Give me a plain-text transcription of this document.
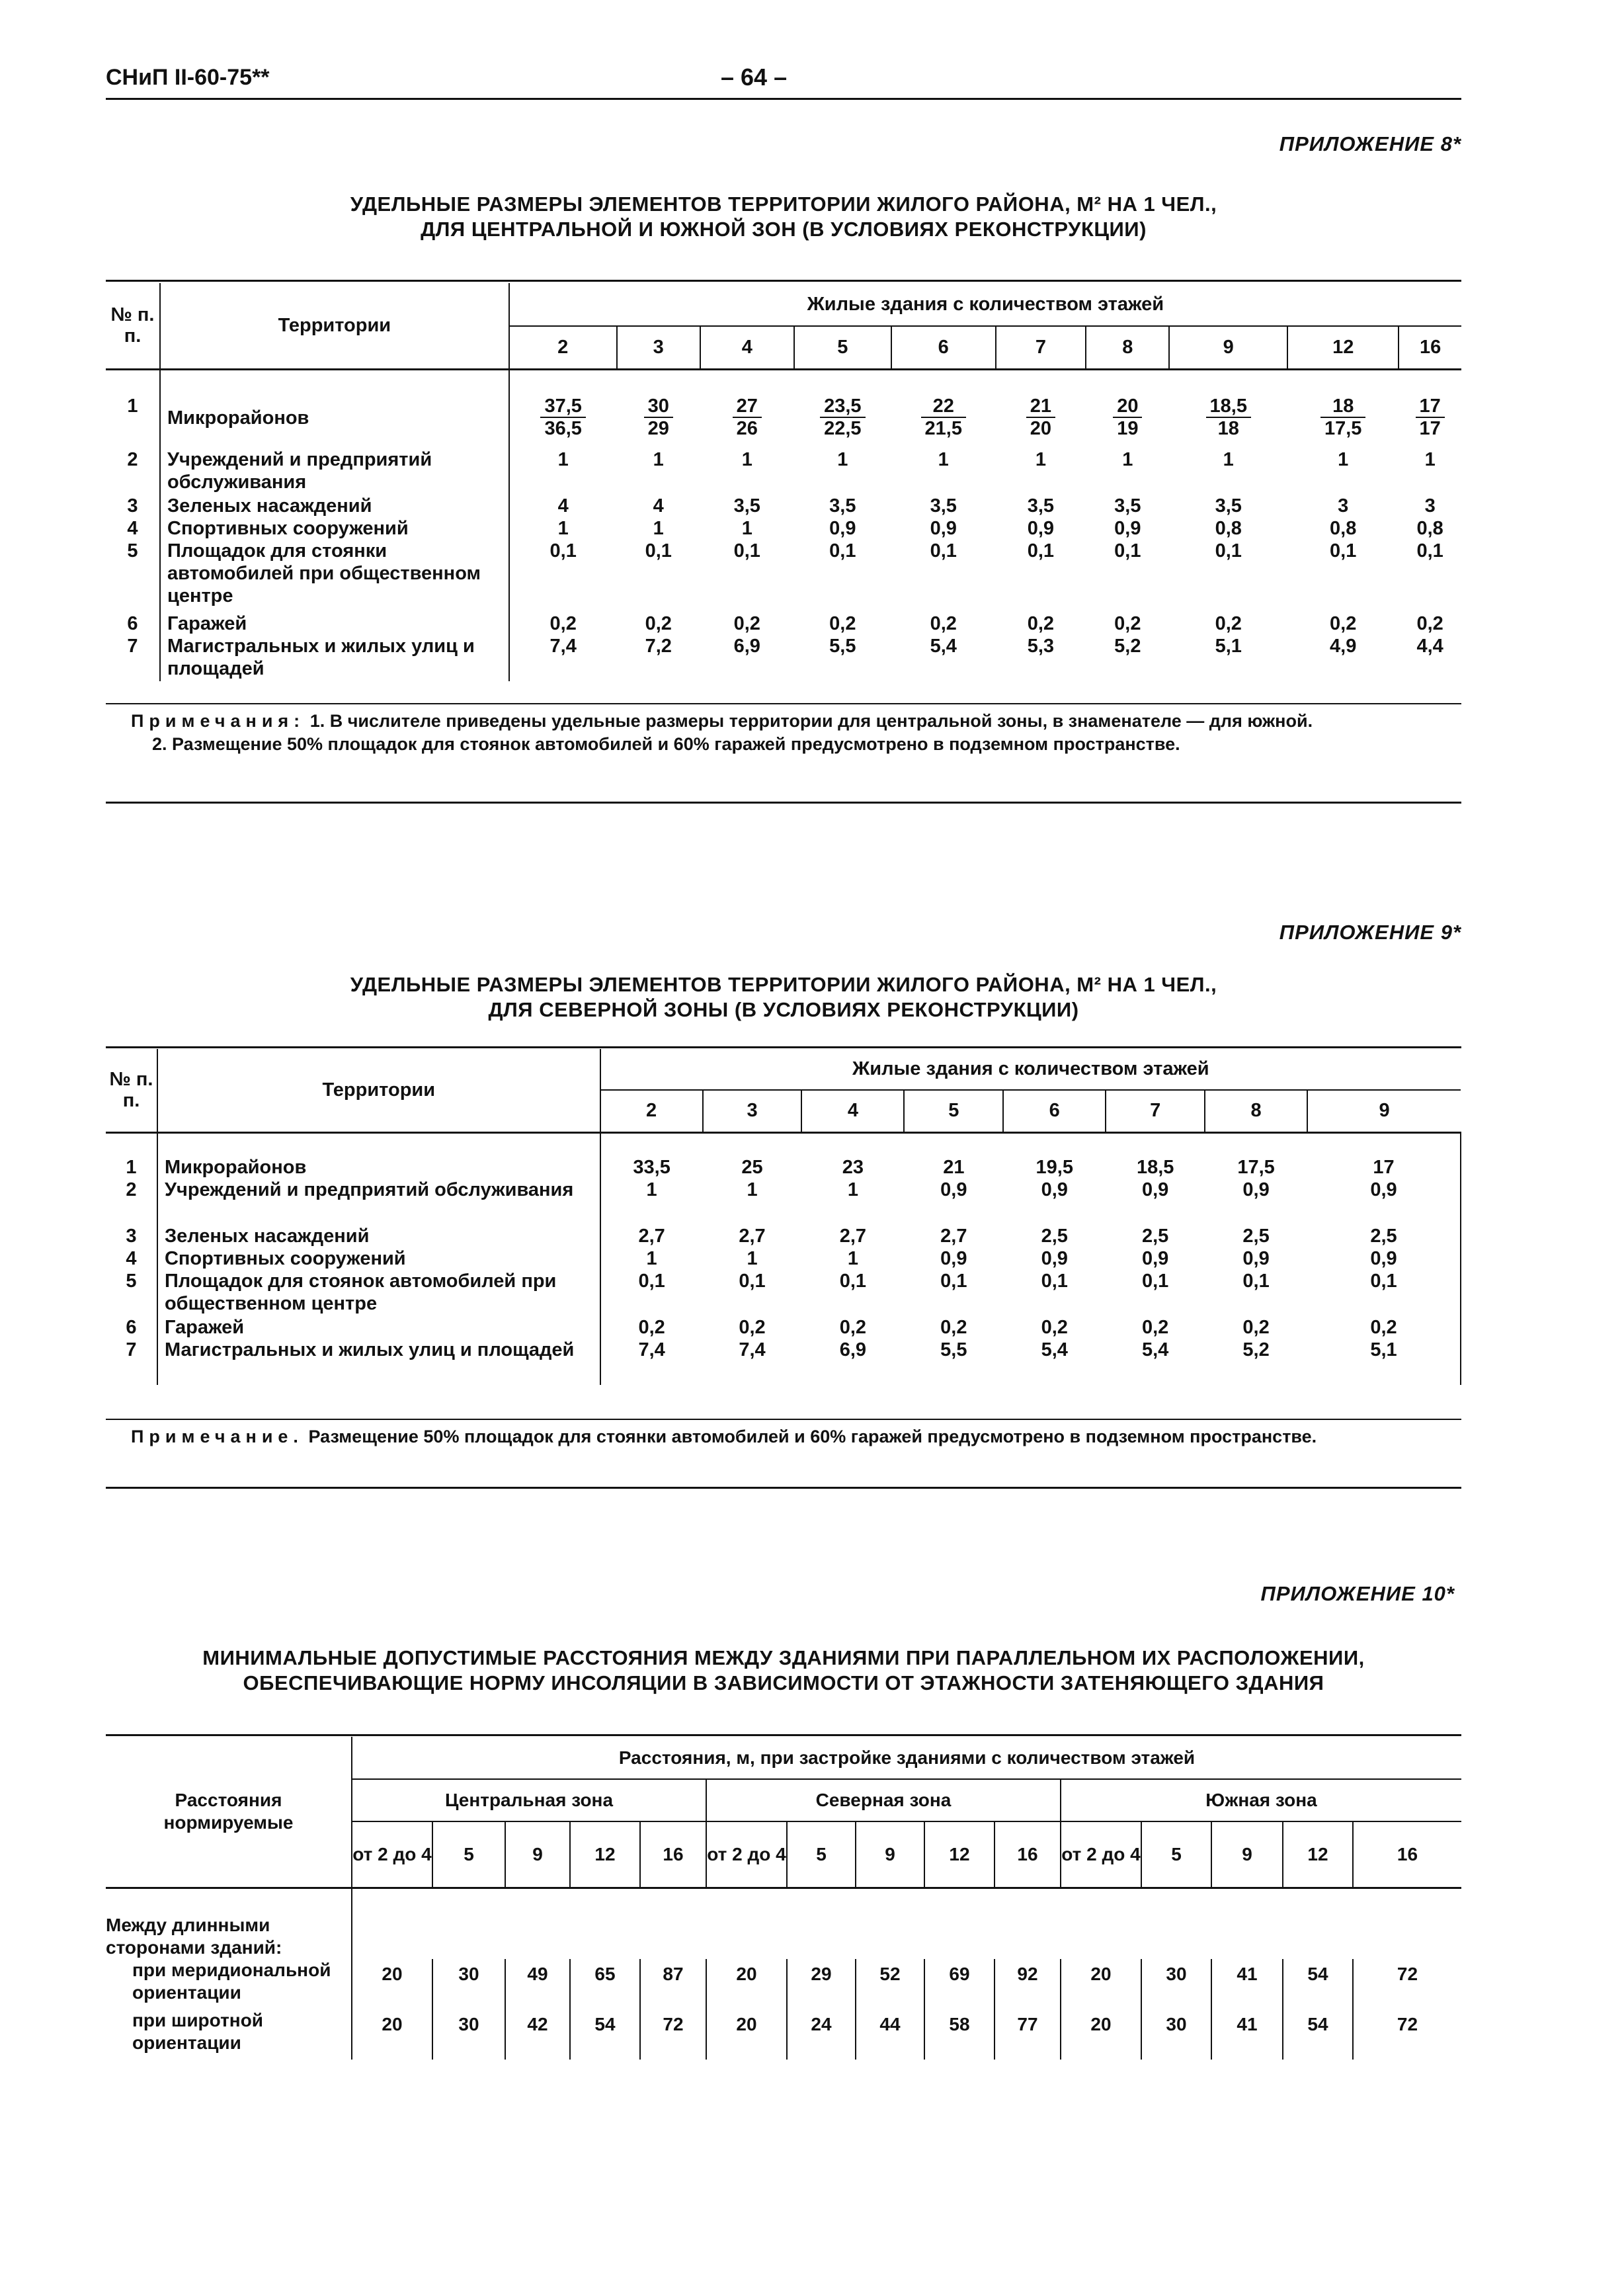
СНиП II-60-75**	– 64 –
ПРИЛОЖЕНИЕ 8*
УДЕЛЬНЫЕ РАЗМЕРЫ ЭЛЕМЕНТОВ ТЕРРИТОРИИ ЖИЛОГО РАЙОНА, М² НА 1 ЧЕЛ.,
ДЛЯ ЦЕНТРАЛЬНОЙ И ЮЖНОЙ ЗОН (В УСЛОВИЯХ РЕКОНСТРУКЦИИ)
№ п. п.	Территории	Жилые здания с количеством этажей									
		2	3	4	5	6	7	8	9	12	16

1	Микрорайонов	$\frac{37,5}{36,5}$	$\frac{30}{29}$	$\frac{27}{26}$	$\frac{23,5}{22,5}$	$\frac{22}{21,5}$	$\frac{21}{20}$	$\frac{20}{19}$	$\frac{18,5}{18}$	$\frac{18}{17,5}$	$\frac{17}{17}$

2	Учреждений и предприятий обслуживания	1	1	1	1	1	1	1	1	1	1
3	Зеленых насаждений	4	4	3,5	3,5	3,5	3,5	3,5	3,5	3	3
4	Спортивных сооружений	1	1	1	0,9	0,9	0,9	0,9	0,8	0,8	0,8
5	Площадок для стоянки автомобилей при общественном центре	0,1	0,1	0,1	0,1	0,1	0,1	0,1	0,1	0,1	0,1
6	Гаражей	0,2	0,2	0,2	0,2	0,2	0,2	0,2	0,2	0,2	0,2
7	Магистральных и жилых улиц и площадей	7,4	7,2	6,9	5,5	5,4	5,3	5,2	5,1	4,9	4,4
Примечания: 1. В числителе приведены удельные размеры территории для центральной зоны, в знаменателе — для южной.
2. Размещение 50% площадок для стоянок автомобилей и 60% гаражей предусмотрено в подземном пространстве.
ПРИЛОЖЕНИЕ 9*
УДЕЛЬНЫЕ РАЗМЕРЫ ЭЛЕМЕНТОВ ТЕРРИТОРИИ ЖИЛОГО РАЙОНА, М² НА 1 ЧЕЛ.,
ДЛЯ СЕВЕРНОЙ ЗОНЫ (В УСЛОВИЯХ РЕКОНСТРУКЦИИ)
№ п. п.	Территории	Жилые здания с количеством этажей							
		2	3	4	5	6	7	8	9

1	Микрорайонов	33,5	25	23	21	19,5	18,5	17,5	17
2	Учреждений и предприятий обслуживания	1	1	1	0,9	0,9	0,9	0,9	0,9
3	Зеленых насаждений	2,7	2,7	2,7	2,7	2,5	2,5	2,5	2,5
4	Спортивных сооружений	1	1	1	0,9	0,9	0,9	0,9	0,9
5	Площадок для стоянок автомобилей при общественном центре	0,1	0,1	0,1	0,1	0,1	0,1	0,1	0,1
6	Гаражей	0,2	0,2	0,2	0,2	0,2	0,2	0,2	0,2
7	Магистральных и жилых улиц и площадей	7,4	7,4	6,9	5,5	5,4	5,4	5,2	5,1
Примечание. Размещение 50% площадок для стоянки автомобилей и 60% гаражей предусмотрено в подземном пространстве.
ПРИЛОЖЕНИЕ 10*
МИНИМАЛЬНЫЕ ДОПУСТИМЫЕ РАССТОЯНИЯ МЕЖДУ ЗДАНИЯМИ ПРИ ПАРАЛЛЕЛЬНОМ ИХ РАСПОЛОЖЕНИИ,
ОБЕСПЕЧИВАЮЩИЕ НОРМУ ИНСОЛЯЦИИ В ЗАВИСИМОСТИ ОТ ЭТАЖНОСТИ ЗАТЕНЯЮЩЕГО ЗДАНИЯ
Расстояния нормируемые	Расстояния, м, при застройке зданиями с количеством этажей														
	Центральная зона					Северная зона					Южная зона				
	от 2 до 4	5	9	12	16	от 2 до 4	5	9	12	16	от 2 до 4	5	9	12	16

Между длинными сторонами зданий:															
при меридиональной ориентации	20	30	49	65	87	20	29	52	69	92	20	30	41	54	72
при широтной ориентации	20	30	42	54	72	20	24	44	58	77	20	30	41	54	72
